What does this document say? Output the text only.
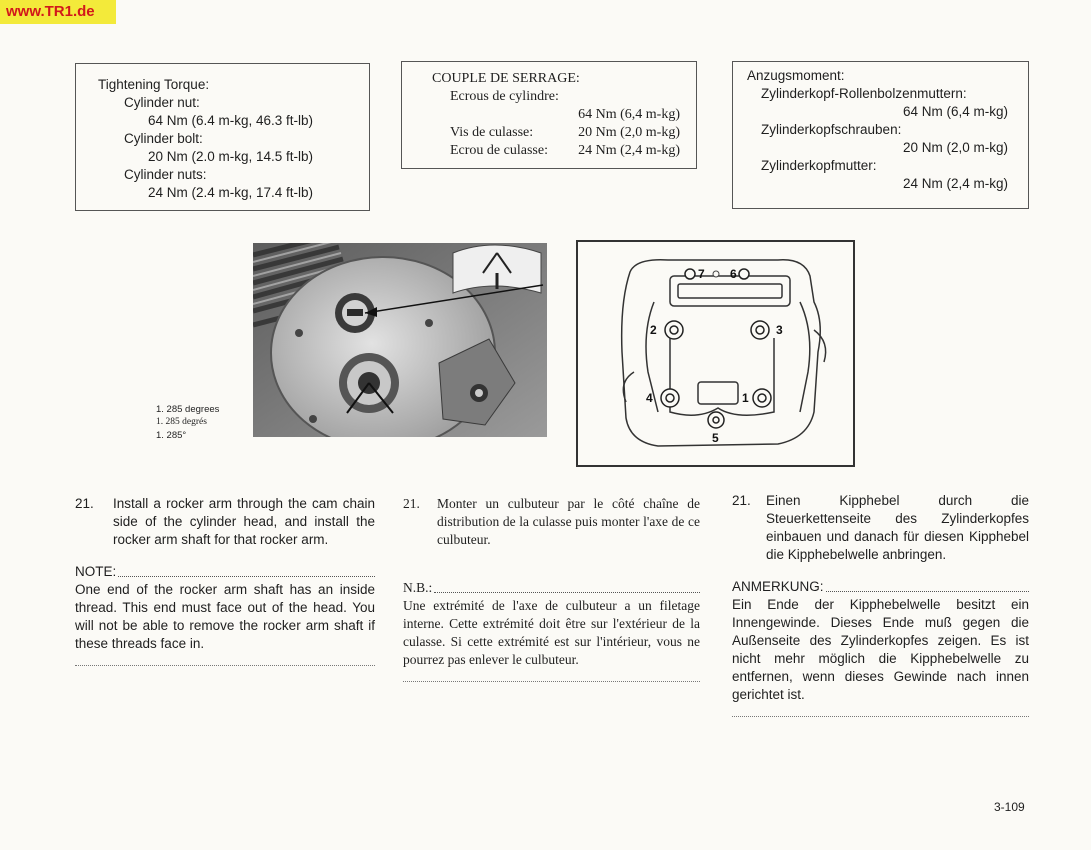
www.TR1.de
Tightening Torque:
Cylinder nut:
64 Nm (6.4 m-kg, 46.3 ft-lb)
Cylinder bolt:
20 Nm (2.0 m-kg, 14.5 ft-lb)
Cylinder nuts:
24 Nm (2.4 m-kg, 17.4 ft-lb)
COUPLE DE SERRAGE:
Ecrous de cylindre:
64 Nm (6,4 m-kg)
Vis de culasse:	20 Nm (2,0 m-kg)
Ecrou de culasse: 24 Nm (2,4 m-kg)
Anzugsmoment:
Zylinderkopf-Rollenbolzenmuttern:
64 Nm (6,4 m-kg)
Zylinderkopfschrauben:
20 Nm (2,0 m-kg)
Zylinderkopfmutter:
24 Nm (2,4 m-kg)
1. 285 degrees
1. 285 degrés
1. 285°
7 6
2	3
4	1
5
21.	Install a rocker arm through the cam chain side of the cylinder head, and install the rocker arm shaft for that rocker arm.
NOTE:
One end of the rocker arm shaft has an inside thread. This end must face out of the head. You will not be able to remove the rocker arm shaft if these threads face in.
21.	Monter un culbuteur par le côté chaîne de distribution de la culasse puis monter l'axe de ce culbuteur.
N.B.:
Une extrémité de l'axe de culbuteur a un filetage interne. Cette extrémité doit être sur l'extérieur de la culasse. Si cette extrémité est sur l'intérieur, vous ne pourrez pas enlever le culbuteur.
21.	Einen Kipphebel durch die Steuerkettenseite des Zylinderkopfes einbauen und danach für diesen Kipphebel die Kipphebelwelle anbringen.
ANMERKUNG:
Ein Ende der Kipphebelwelle besitzt ein Innengewinde. Dieses Ende muß gegen die Außenseite des Zylinderkopfes zeigen. Es ist nicht mehr möglich die Kipphebelwelle zu entfernen, wenn dieses Gewinde nach innen gerichtet ist.
3-109
